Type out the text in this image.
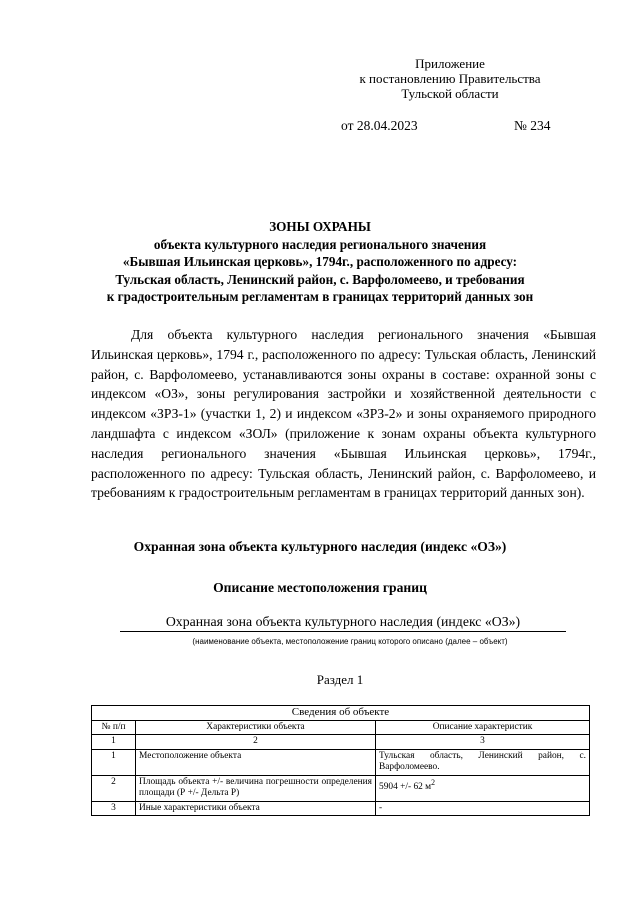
Приложение
к постановлению Правительства
Тульской области
от 28.04.2023	№ 234
ЗОНЫ ОХРАНЫ
объекта культурного наследия регионального значения
«Бывшая Ильинская церковь», 1794г., расположенного по адресу:
Тульская область, Ленинский район, с. Варфоломеево, и требования
к градостроительным регламентам в границах территорий данных зон
Для объекта культурного наследия регионального значения «Бывшая Ильинская церковь», 1794 г., расположенного по адресу: Тульская область, Ленинский район, с. Варфоломеево, устанавливаются зоны охраны в составе: охранной зоны с индексом «ОЗ», зоны регулирования застройки и хозяйственной деятельности с индексом «ЗРЗ-1» (участки 1, 2) и индексом «ЗРЗ-2» и зоны охраняемого природного ландшафта с индексом «ЗОЛ» (приложение к зонам охраны объекта культурного наследия регионального значения «Бывшая Ильинская церковь», 1794г., расположенного по адресу: Тульская область, Ленинский район, с. Варфоломеево, и требованиям к градостроительным регламентам в границах территорий данных зон).
Охранная зона объекта культурного наследия (индекс «ОЗ»)
Описание местоположения границ
Охранная зона объекта культурного наследия (индекс «ОЗ»)
(наименование объекта, местоположение границ которого описано (далее – объект)
Раздел 1
Сведения об объекте		
№ п/п	Характеристики объекта	Описание характеристик
1	2	3
1	Местоположение объекта	Тульская область, Ленинский район, с. Варфоломеево.
2	Площадь объекта +/- величина погрешности определения площади (Р +/- Дельта Р)	5904 +/- 62 $м^2$
3	Иные характеристики объекта	-
